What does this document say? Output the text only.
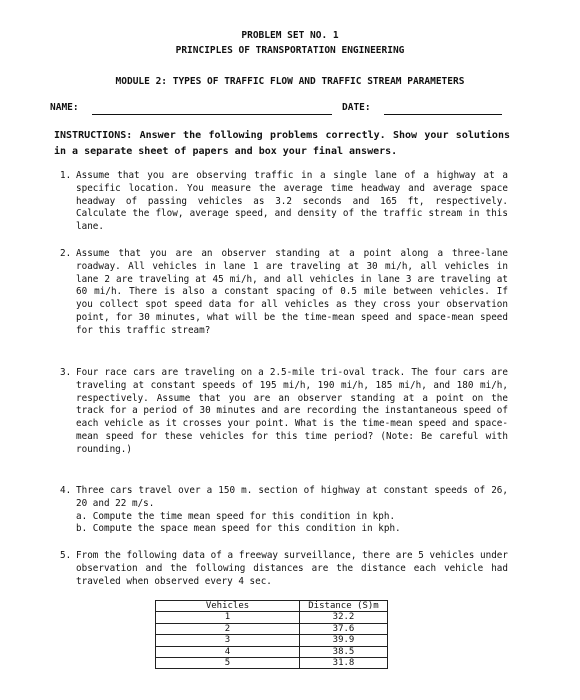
PROBLEM SET NO. 1
PRINCIPLES OF TRANSPORTATION ENGINEERING
MODULE 2: TYPES OF TRAFFIC FLOW AND TRAFFIC STREAM PARAMETERS
NAME:	DATE:
INSTRUCTIONS: Answer the following problems correctly. Show your solutions in a separate sheet of papers and box your final answers.
1. Assume that you are observing traffic in a single lane of a highway at a specific location. You measure the average time headway and average space headway of passing vehicles as 3.2 seconds and 165 ft, respectively. Calculate the flow, average speed, and density of the traffic stream in this lane.
2. Assume that you are an observer standing at a point along a three-lane roadway. All vehicles in lane 1 are traveling at 30 mi/h, all vehicles in lane 2 are traveling at 45 mi/h, and all vehicles in lane 3 are traveling at 60 mi/h. There is also a constant spacing of 0.5 mile between vehicles. If you collect spot speed data for all vehicles as they cross your observation point, for 30 minutes, what will be the time-mean speed and space-mean speed for this traffic stream?
3. Four race cars are traveling on a 2.5-mile tri-oval track. The four cars are traveling at constant speeds of 195 mi/h, 190 mi/h, 185 mi/h, and 180 mi/h, respectively. Assume that you are an observer standing at a point on the track for a period of 30 minutes and are recording the instantaneous speed of each vehicle as it crosses your point. What is the time-mean speed and space-mean speed for these vehicles for this time period? (Note: Be careful with rounding.)
4. Three cars travel over a 150 m. section of highway at constant speeds of 26, 20 and 22 m/s.
a. Compute the time mean speed for this condition in kph.
b. Compute the space mean speed for this condition in kph.
5. From the following data of a freeway surveillance, there are 5 vehicles under observation and the following distances are the distance each vehicle had traveled when observed every 4 sec.
Vehicles	Distance (S)m
1	32.2
2	37.6
3	39.9
4	38.5
5	31.8
